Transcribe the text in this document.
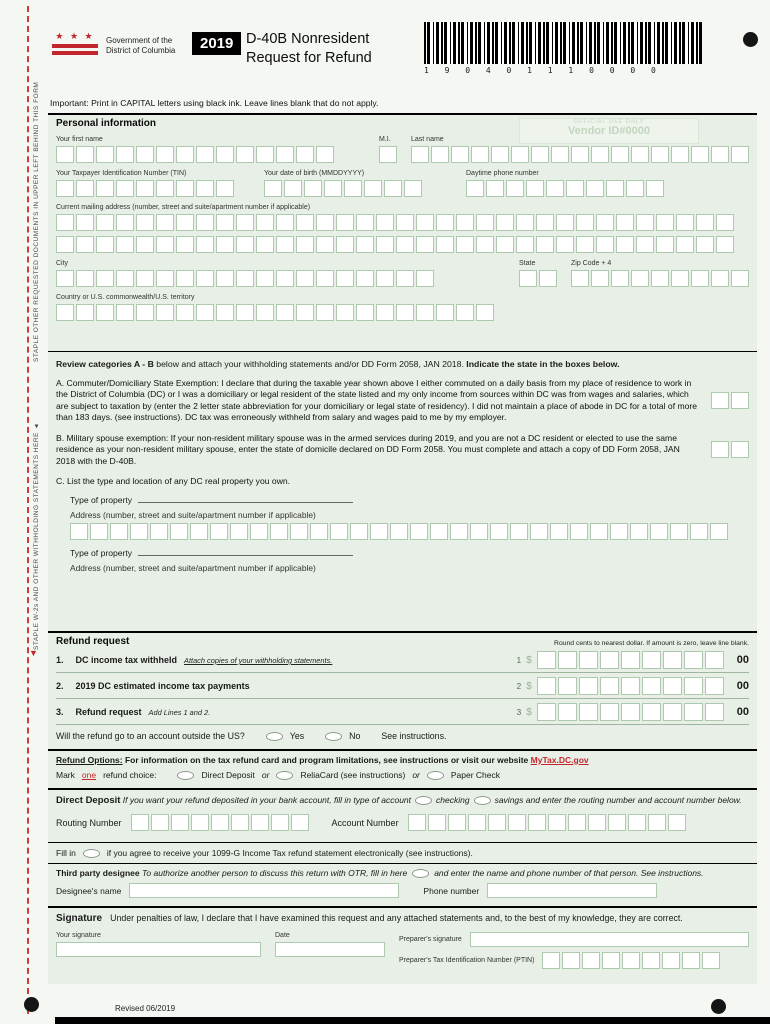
STAPLE OTHER REQUESTED DOCUMENTS IN UPPER LEFT BEHIND THIS FORM
STAPLE W-2s AND OTHER WITHHOLDING STATEMENTS HERE ▲
▼
Revised 06/2019
★ ★ ★	Government of the
District of Columbia	2019 D-40B Nonresident
Request for Refund
1 9 0 4 0 1 1 1 0 0 0 0
Important: Print in CAPITAL letters using black ink. Leave lines blank that do not apply.
OFFICIAL USE ONLY
Vendor ID#0000
Personal information
Your first name	M.I.	Last name
Your Taxpayer Identification Number (TIN)	Your date of birth (MMDDYYYY)	Daytime phone number
Current mailing address (number, street and suite/apartment number if applicable)
City	State	Zip Code + 4
Country or U.S. commonwealth/U.S. territory
Review categories A - B below and attach your withholding statements and/or DD Form 2058, JAN 2018. Indicate the state in the boxes below.
A. Commuter/Domiciliary State Exemption: I declare that during the taxable year shown above I either commuted on a daily basis from my place of residence to work in the District of Columbia (DC) or I was a domiciliary or legal resident of the state listed and my only income from sources within DC was from wages and salaries, which are subject to taxation by (enter the 2 letter state abbreviation for your domiciliary or legal state of residency). I did not maintain a place of abode in DC for a total of more than 183 days. (see instructions). DC tax was erroneously withheld from salary and wages paid to me by my employer.
B. Military spouse exemption: If your non-resident military spouse was in the armed services during 2019, and you are not a DC resident or elected to use the same residence as your non-resident military spouse, enter the state of domicile declared on DD Form 2058. You must complete and attach a copy of DD Form 2058, JAN 2018 with the D-40B.
C. List the type and location of any DC real property you own.
Type of property
Address (number, street and suite/apartment number if applicable)
Type of property
Address (number, street and suite/apartment number if applicable)
Refund request	Round cents to nearest dollar. If amount is zero, leave line blank.
1. DC income tax withheld Attach copies of your withholding statements.	1 $	00
2. 2019 DC estimated income tax payments	2 $	00
3. Refund request Add Lines 1 and 2.	3 $	00
Will the refund go to an account outside the US?	Yes	No See instructions.
Refund Options: For information on the tax refund card and program limitations, see instructions or visit our website MyTax.DC.gov
Mark one refund choice:	Direct Deposit or	ReliaCard (see instructions) or	Paper Check
Direct Deposit If you want your refund deposited in your bank account, fill in type of account	checking	savings and enter the routing number and account number below.
Routing Number	Account Number
Fill in	if you agree to receive your 1099-G Income Tax refund statement electronically (see instructions).
Third party designee To authorize another person to discuss this return with OTR, fill in here	and enter the name and phone number of that person. See instructions.
Designee's name	Phone number
Signature Under penalties of law, I declare that I have examined this request and any attached statements and, to the best of my knowledge, they are correct.
Your signature	Date
Preparer's signature
Preparer's Tax Identification Number (PTIN)
